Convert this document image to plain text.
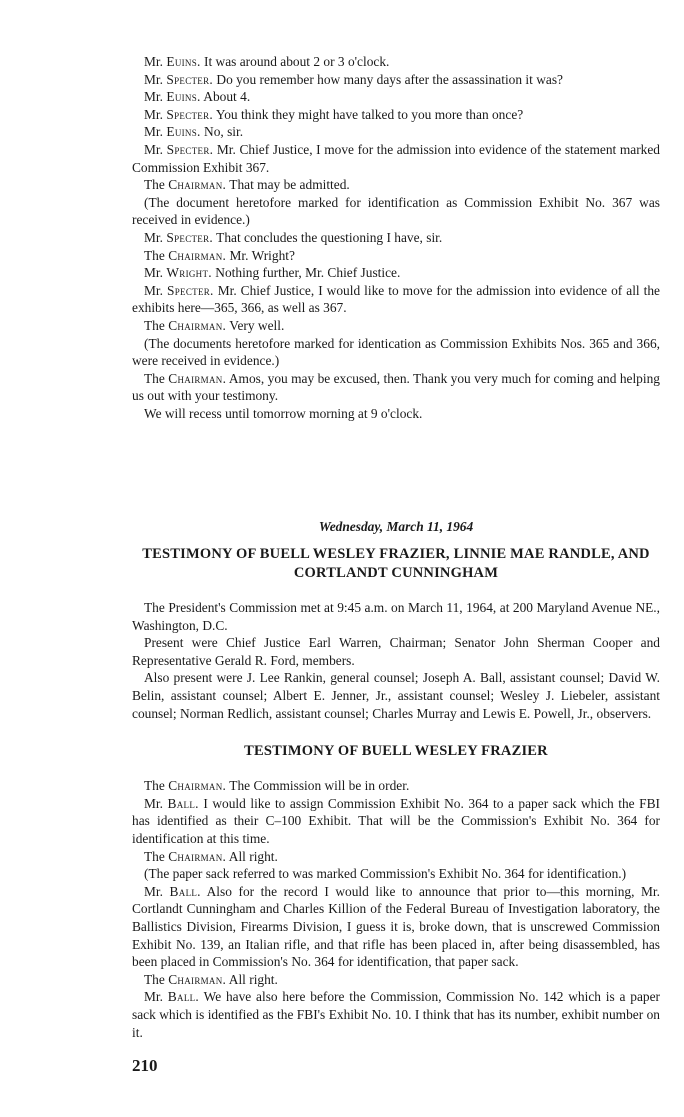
Mr. Euins. It was around about 2 or 3 o'clock.

Mr. Specter. Do you remember how many days after the assassination it was?

Mr. Euins. About 4.

Mr. Specter. You think they might have talked to you more than once?

Mr. Euins. No, sir.

Mr. Specter. Mr. Chief Justice, I move for the admission into evidence of the statement marked Commission Exhibit 367.

The Chairman. That may be admitted.

(The document heretofore marked for identification as Commission Exhibit No. 367 was received in evidence.)

Mr. Specter. That concludes the questioning I have, sir.

The Chairman. Mr. Wright?

Mr. Wright. Nothing further, Mr. Chief Justice.

Mr. Specter. Mr. Chief Justice, I would like to move for the admission into evidence of all the exhibits here—365, 366, as well as 367.

The Chairman. Very well.

(The documents heretofore marked for identication as Commission Exhibits Nos. 365 and 366, were received in evidence.)

The Chairman. Amos, you may be excused, then. Thank you very much for coming and helping us out with your testimony.

We will recess until tomorrow morning at 9 o'clock.

Wednesday, March 11, 1964

TESTIMONY OF BUELL WESLEY FRAZIER, LINNIE MAE RANDLE, AND CORTLANDT CUNNINGHAM

The President's Commission met at 9:45 a.m. on March 11, 1964, at 200 Maryland Avenue NE., Washington, D.C.

Present were Chief Justice Earl Warren, Chairman; Senator John Sherman Cooper and Representative Gerald R. Ford, members.

Also present were J. Lee Rankin, general counsel; Joseph A. Ball, assistant counsel; David W. Belin, assistant counsel; Albert E. Jenner, Jr., assistant counsel; Wesley J. Liebeler, assistant counsel; Norman Redlich, assistant counsel; Charles Murray and Lewis E. Powell, Jr., observers.

TESTIMONY OF BUELL WESLEY FRAZIER

The Chairman. The Commission will be in order.

Mr. Ball. I would like to assign Commission Exhibit No. 364 to a paper sack which the FBI has identified as their C–100 Exhibit. That will be the Commission's Exhibit No. 364 for identification at this time.

The Chairman. All right.

(The paper sack referred to was marked Commission's Exhibit No. 364 for identification.)

Mr. Ball. Also for the record I would like to announce that prior to—this morning, Mr. Cortlandt Cunningham and Charles Killion of the Federal Bureau of Investigation laboratory, the Ballistics Division, Firearms Division, I guess it is, broke down, that is unscrewed Commission Exhibit No. 139, an Italian rifle, and that rifle has been placed in, after being disassembled, has been placed in Commission's No. 364 for identification, that paper sack.

The Chairman. All right.

Mr. Ball. We have also here before the Commission, Commission No. 142 which is a paper sack which is identified as the FBI's Exhibit No. 10. I think that has its number, exhibit number on it.

210
